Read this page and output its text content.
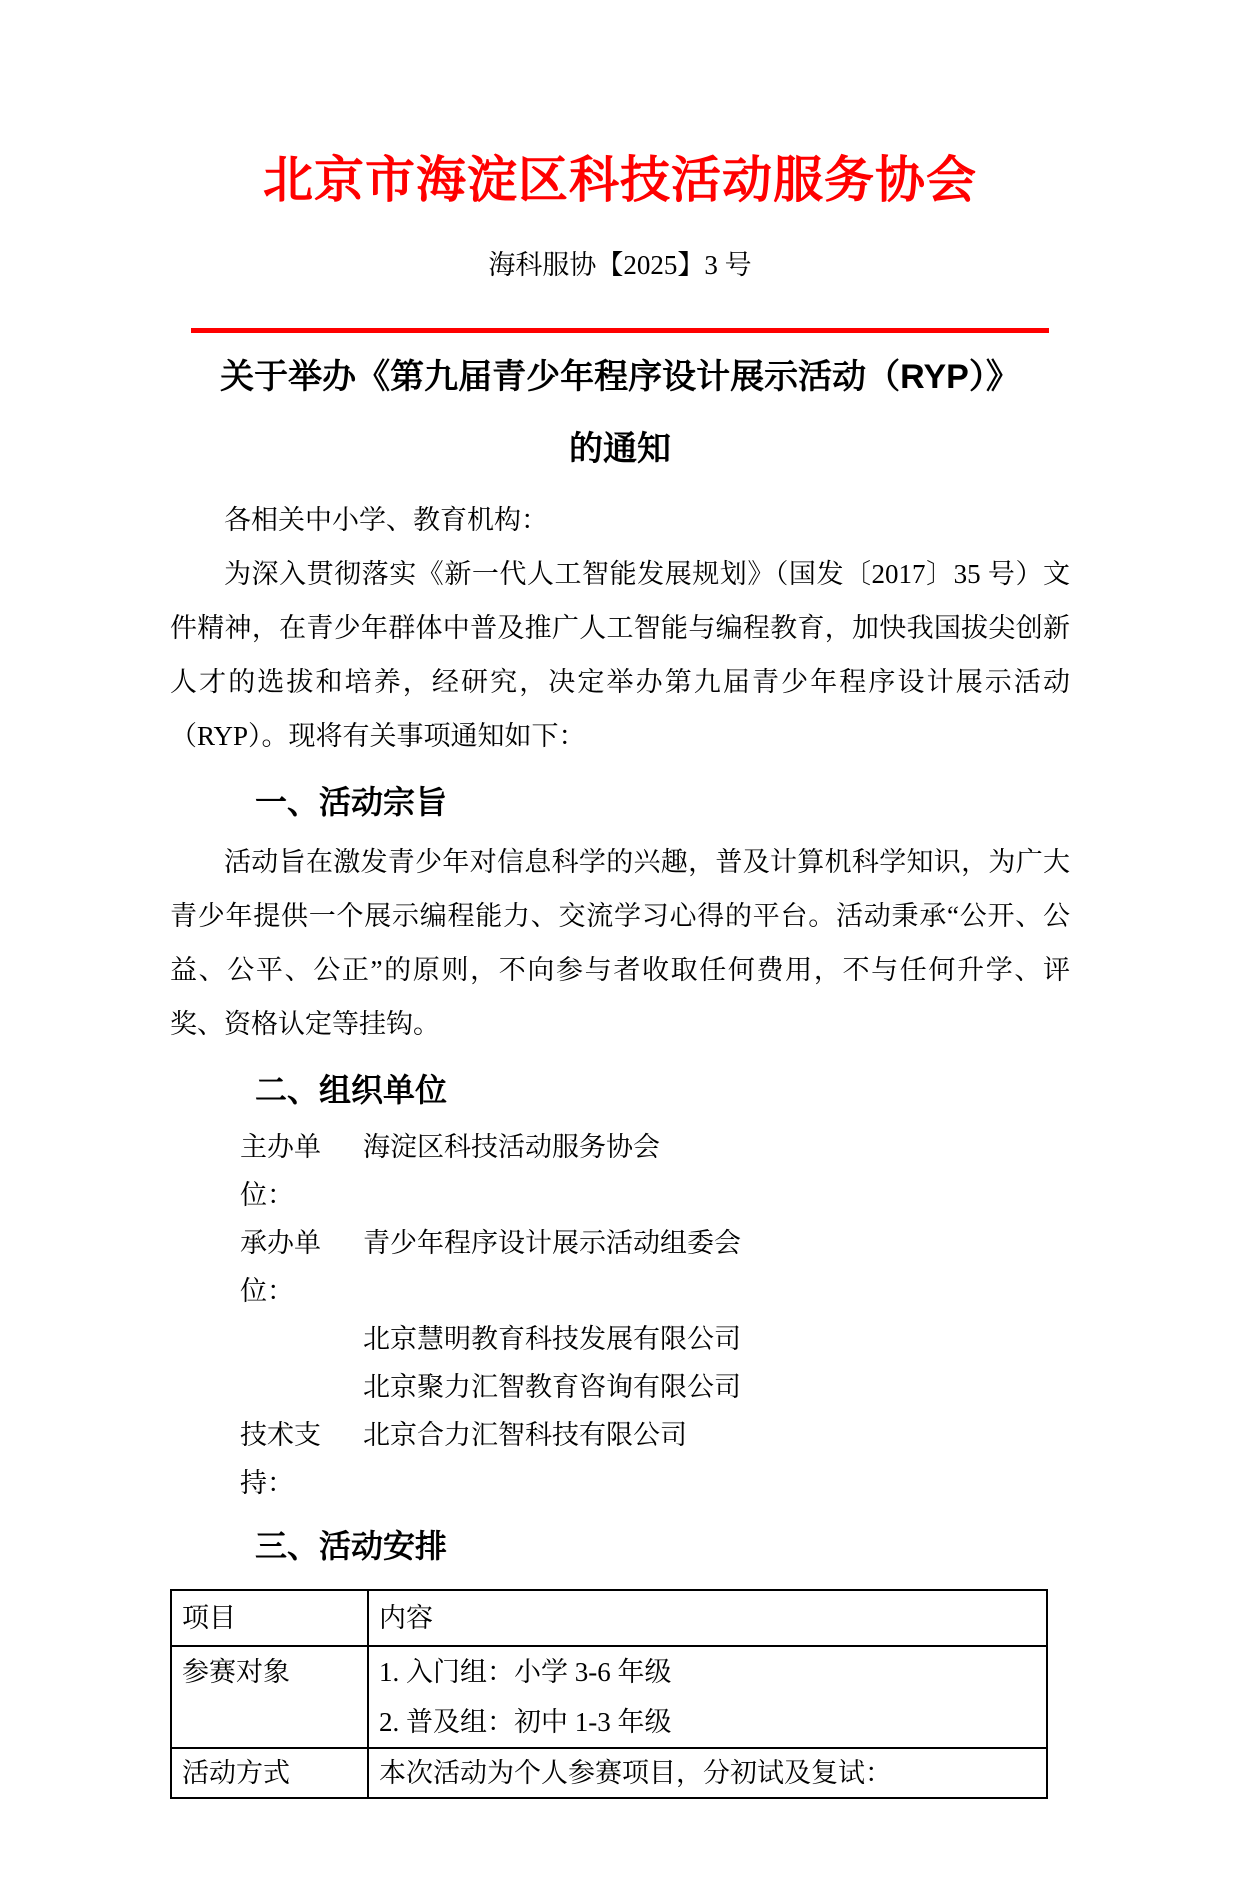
北京市海淀区科技活动服务协会
海科服协【2025】3 号
关于举办《第九届青少年程序设计展示活动（RYP）》
的通知
各相关中小学、教育机构：

为深入贯彻落实《新一代人工智能发展规划》（国发〔2017〕35 号）文件精神，在青少年群体中普及推广人工智能与编程教育，加快我国拔尖创新人才的选拔和培养，经研究，决定举办第九届青少年程序设计展示活动（RYP）。现将有关事项通知如下：

一、活动宗旨

活动旨在激发青少年对信息科学的兴趣，普及计算机科学知识，为广大青少年提供一个展示编程能力、交流学习心得的平台。活动秉承“公开、公益、公平、公正”的原则，不向参与者收取任何费用，不与任何升学、评奖、资格认定等挂钩。

二、组织单位
主办单位：
海淀区科技活动服务协会
承办单位：
青少年程序设计展示活动组委会
北京慧明教育科技发展有限公司
北京聚力汇智教育咨询有限公司
技术支持：
北京合力汇智科技有限公司
三、活动安排
项目	内容

参赛对象	1. 入门组：小学 3-6 年级
2. 普及组：初中 1-3 年级

活动方式	本次活动为个人参赛项目，分初试及复试：
